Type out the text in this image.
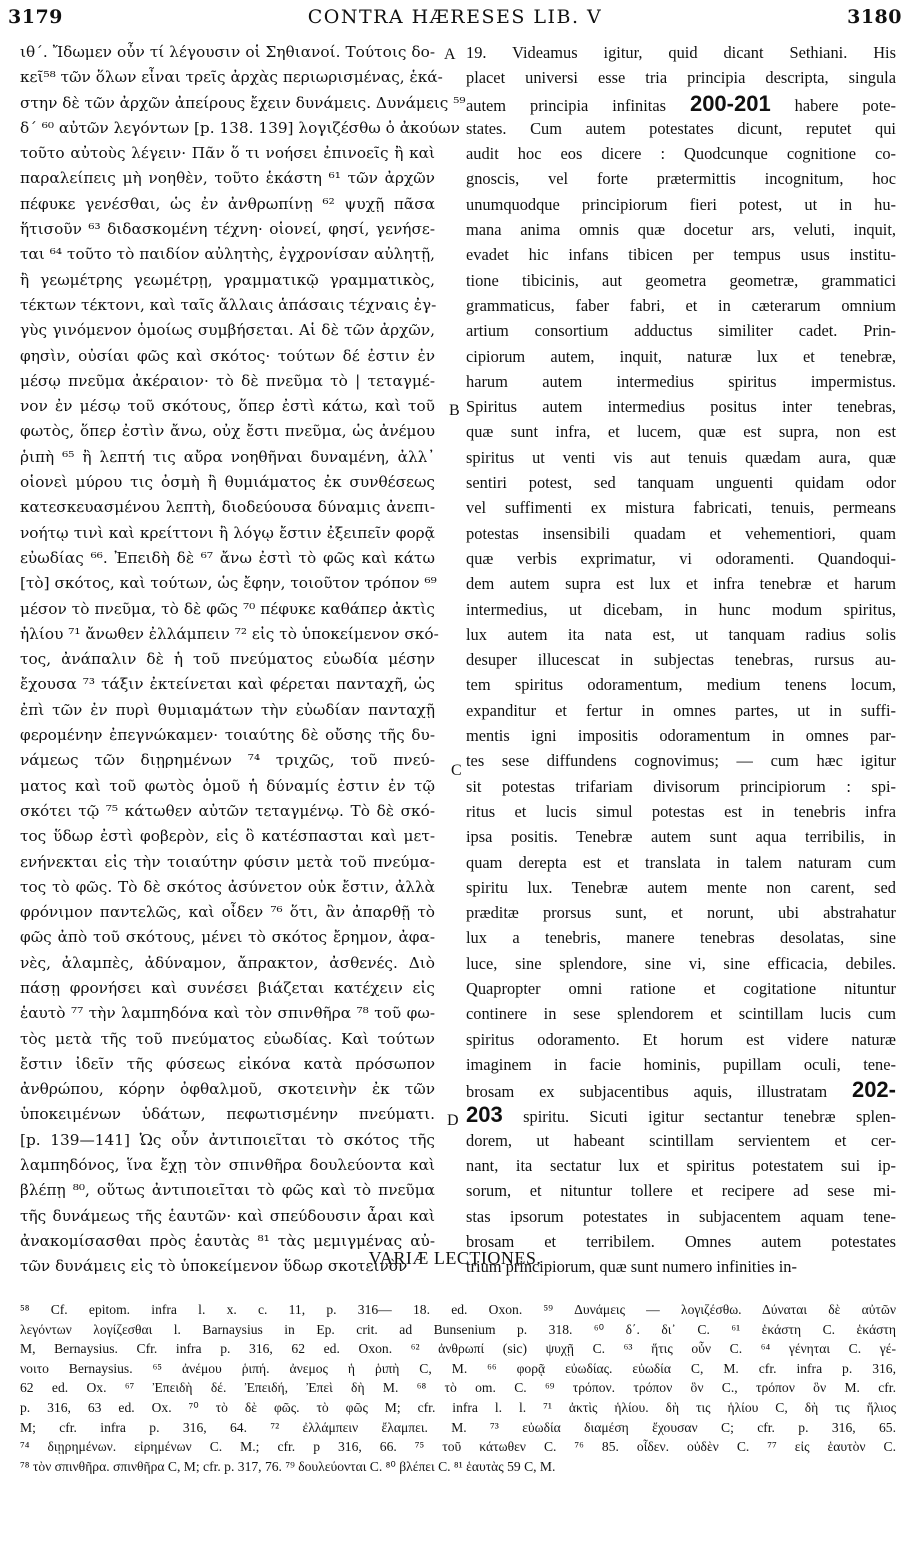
3179	CONTRA HÆRESES LIB. V	3180
ιθ΄. Ἴδωμεν οὖν τί λέγουσιν οἱ Σηθιανοί. Τούτοις δο-
κεῖ⁵⁸ τῶν ὅλων εἶναι τρεῖς ἀρχὰς περιωρισμένας, ἑκά-
στην δὲ τῶν ἀρχῶν ἀπείρους ἔχειν δυνάμεις. Δυνάμεις ⁵⁹
δ΄ ⁶⁰ αὐτῶν λεγόντων [p. 138. 139] λογιζέσθω ὁ ἀκούων
τοῦτο αὐτοὺς λέγειν· Πᾶν ὅ τι νοήσει ἐπινοεῖς ἢ καὶ
παραλείπεις μὴ νοηθὲν, τοῦτο ἑκάστη ⁶¹ τῶν ἀρχῶν
πέφυκε γενέσθαι, ὡς ἐν ἀνθρωπίνῃ ⁶² ψυχῇ πᾶσα
ἥτισοῦν ⁶³ διδασκομένη τέχνη· οἱονεί, φησί, γενήσε-
ται ⁶⁴ τοῦτο τὸ παιδίον αὐλητὴς, ἐγχρονίσαν αὐλητῇ,
ἢ γεωμέτρης γεωμέτρῃ, γραμματικῷ γραμματικὸς,
τέκτων τέκτονι, καὶ ταῖς ἄλλαις ἁπάσαις τέχναις ἐγ-
γὺς γινόμενον ὁμοίως συμβήσεται. Αἱ δὲ τῶν ἀρχῶν,
φησὶν, οὐσίαι φῶς καὶ σκότος· τούτων δέ ἐστιν ἐν
μέσῳ πνεῦμα ἀκέραιον· τὸ δὲ πνεῦμα τὸ | τεταγμέ-
νον ἐν μέσῳ τοῦ σκότους, ὅπερ ἐστὶ κάτω, καὶ τοῦ
φωτὸς, ὅπερ ἐστὶν ἄνω, οὐχ ἔστι πνεῦμα, ὡς ἀνέμου
ῥιπὴ ⁶⁵ ἢ λεπτή τις αὔρα νοηθῆναι δυναμένη, ἀλλ᾽
οἱονεὶ μύρου τις ὀσμὴ ἢ θυμιάματος ἐκ συνθέσεως
κατεσκευασμένου λεπτὴ, διοδεύουσα δύναμις ἀνεπι-
νοήτῳ τινὶ καὶ κρείττονι ἢ λόγῳ ἔστιν ἐξειπεῖν φορᾷ
εὐωδίας ⁶⁶. Ἐπειδὴ δὲ ⁶⁷ ἄνω ἐστὶ τὸ φῶς καὶ κάτω
[τὸ] σκότος, καὶ τούτων, ὡς ἔφην, τοιοῦτον τρόπον ⁶⁹
μέσον τὸ πνεῦμα, τὸ δὲ φῶς ⁷⁰ πέφυκε καθάπερ ἀκτὶς
ἡλίου ⁷¹ ἄνωθεν ἐλλάμπειν ⁷² εἰς τὸ ὑποκείμενον σκό-
τος, ἀνάπαλιν δὲ ἡ τοῦ πνεύματος εὐωδία μέσην
ἔχουσα ⁷³ τάξιν ἐκτείνεται καὶ φέρεται πανταχῆ, ὡς
ἐπὶ τῶν ἐν πυρὶ θυμιαμάτων τὴν εὐωδίαν πανταχῇ
φερομένην ἐπεγνώκαμεν· τοιαύτης δὲ οὔσης τῆς δυ-
νάμεως τῶν διῃρημένων ⁷⁴ τριχῶς, τοῦ πνεύ-
ματος καὶ τοῦ φωτὸς ὁμοῦ ἡ δύναμίς ἐστιν ἐν τῷ
σκότει τῷ ⁷⁵ κάτωθεν αὐτῶν τεταγμένῳ. Τὸ δὲ σκό-
τος ὕδωρ ἐστὶ φοβερὸν, εἰς ὃ κατέσπασται καὶ μετ-
ενήνεκται εἰς τὴν τοιαύτην φύσιν μετὰ τοῦ πνεύμα-
τος τὸ φῶς. Τὸ δὲ σκότος ἀσύνετον οὐκ ἔστιν, ἀλλὰ
φρόνιμον παντελῶς, καὶ οἶδεν ⁷⁶ ὅτι, ἂν ἀπαρθῇ τὸ
φῶς ἀπὸ τοῦ σκότους, μένει τὸ σκότος ἔρημον, ἀφα-
νὲς, ἀλαμπὲς, ἀδύναμον, ἄπρακτον, ἀσθενές. Διὸ
πάσῃ φρονήσει καὶ συνέσει βιάζεται κατέχειν εἰς
ἑαυτὸ ⁷⁷ τὴν λαμπηδόνα καὶ τὸν σπινθῆρα ⁷⁸ τοῦ φω-
τὸς μετὰ τῆς τοῦ πνεύματος εὐωδίας. Καὶ τούτων
ἔστιν ἰδεῖν τῆς φύσεως εἰκόνα κατὰ πρόσωπον
ἀνθρώπου, κόρην ὀφθαλμοῦ, σκοτεινὴν ἐκ τῶν
ὑποκειμένων ὑδάτων, πεφωτισμένην πνεύματι.
[p. 139—141] Ὡς οὖν ἀντιποιεῖται τὸ σκότος τῆς
λαμπηδόνος, ἵνα ἔχῃ τὸν σπινθῆρα δουλεύοντα καὶ
βλέπῃ ⁸⁰, οὕτως ἀντιποιεῖται τὸ φῶς καὶ τὸ πνεῦμα
τῆς δυνάμεως τῆς ἑαυτῶν· καὶ σπεύδουσιν ἆραι καὶ
ἀνακομίσασθαι πρὸς ἑαυτὰς ⁸¹ τὰς μεμιγμένας αὐ-
τῶν δυνάμεις εἰς τὸ ὑποκείμενον ὕδωρ σκοτεινὸν
19. Videamus igitur, quid dicant Sethiani. His
placet universi esse tria principia descripta, singula
autem principia infinitas 200-201 habere pote-
states. Cum autem potestates dicunt, reputet qui
audit hoc eos dicere : Quodcunque cognitione co-
gnoscis, vel forte prætermittis incognitum, hoc
unumquodque principiorum fieri potest, ut in hu-
mana anima omnis quæ docetur ars, veluti, inquit,
evadet hic infans tibicen per tempus usus institu-
tione tibicinis, aut geometra geometræ, grammatici
grammaticus, faber fabri, et in cæterarum omnium
artium consortium adductus similiter cadet. Prin-
cipiorum autem, inquit, naturæ lux et tenebræ,
harum autem intermedius spiritus impermistus.
Spiritus autem intermedius positus inter tenebras,
quæ sunt infra, et lucem, quæ est supra, non est
spiritus ut venti vis aut tenuis quædam aura, quæ
sentiri potest, sed tanquam unguenti quidam odor
vel suffimenti ex mistura fabricati, tenuis, permeans
potestas insensibili quadam et vehementiori, quam
quæ verbis exprimatur, vi odoramenti. Quandoqui-
dem autem supra est lux et infra tenebræ et harum
intermedius, ut dicebam, in hunc modum spiritus,
lux autem ita nata est, ut tanquam radius solis
desuper illucescat in subjectas tenebras, rursus au-
tem spiritus odoramentum, medium tenens locum,
expanditur et fertur in omnes partes, ut in suffi-
mentis igni impositis odoramentum in omnes par-
tes sese diffundens cognovimus; — cum hæc igitur
sit potestas trifariam divisorum principiorum : spi-
ritus et lucis simul potestas est in tenebris infra
ipsa positis. Tenebræ autem sunt aqua terribilis, in
quam derepta est et translata in talem naturam cum
spiritu lux. Tenebræ autem mente non carent, sed
præditæ prorsus sunt, et norunt, ubi abstrahatur
lux a tenebris, manere tenebras desolatas, sine
luce, sine splendore, sine vi, sine efficacia, debiles.
Quapropter omni ratione et cogitatione nituntur
continere in sese splendorem et scintillam lucis cum
spiritus odoramento. Et horum est videre naturæ
imaginem in facie hominis, pupillam oculi, tene-
brosam ex subjacentibus aquis, illustratam 202-
203 spiritu. Sicuti igitur sectantur tenebræ splen-
dorem, ut habeant scintillam servientem et cer-
nant, ita sectatur lux et spiritus potestatem sui ip-
sorum, et nituntur tollere et recipere ad sese mi-
stas ipsorum potestates in subjacentem aquam tene-
brosam et terribilem. Omnes autem potestates
trium principiorum, quæ sunt numero infinities in-
A
B
C
D
VARIÆ LECTIONES.
⁵⁸ Cf. epitom. infra l. x. c. 11, p. 316— 18. ed. Oxon. ⁵⁹ Δυνάμεις — λογιζέσθω. Δύναται δὲ αὐτῶν
λεγόντων λογίζεσθαι l. Barnaysius in Ep. crit. ad Bunsenium p. 318. ⁶⁰ δ΄. δι᾽ C. ⁶¹ ἑκάστη C. ἑκάστη
M, Bernaysius. Cfr. infra p. 316, 62 ed. Oxon. ⁶² ἀνθρωπί (sic) ψυχῇ C. ⁶³ ἥτις οὖν C. ⁶⁴ γένηται C. γέ-
νοιτο Bernaysius. ⁶⁵ ἀνέμου ῥιπή. ἀνεμος ἡ ῥιπὴ C, M. ⁶⁶ φορᾷ εὐωδίας. εὐωδία C, M. cfr. infra p. 316,
62 ed. Ox. ⁶⁷ Ἐπειδὴ δέ. Ἐπειδή, Ἐπεὶ δὴ M. ⁶⁸ τὸ om. C. ⁶⁹ τρόπον. τρόπον ὃν C., τρόπον ὃν M. cfr.
p. 316, 63 ed. Ox. ⁷⁰ τὸ δὲ φῶς. τὸ φῶς M; cfr. infra l. l. ⁷¹ ἀκτὶς ἡλίου. δὴ τις ἡλίου C, δὴ τις ἥλιος
M; cfr. infra p. 316, 64. ⁷² ἐλλάμπειν ἔλαμπει. M. ⁷³ εὐωδία διαμέση ἔχουσαν C; cfr. p. 316, 65.
⁷⁴ διῃρημένων. εἰρημένων C. M.; cfr. p 316, 66. ⁷⁵ τοῦ κάτωθεν C. ⁷⁶ 85. οἶδεν. οὐδὲν C. ⁷⁷ εἰς ἑαυτὸν C.
⁷⁸ τὸν σπινθῆρα. σπινθῆρα C, M; cfr. p. 317, 76. ⁷⁹ δουλεύονται C. ⁸⁰ βλέπει C. ⁸¹ ἑαυτὰς 59 C, M.
